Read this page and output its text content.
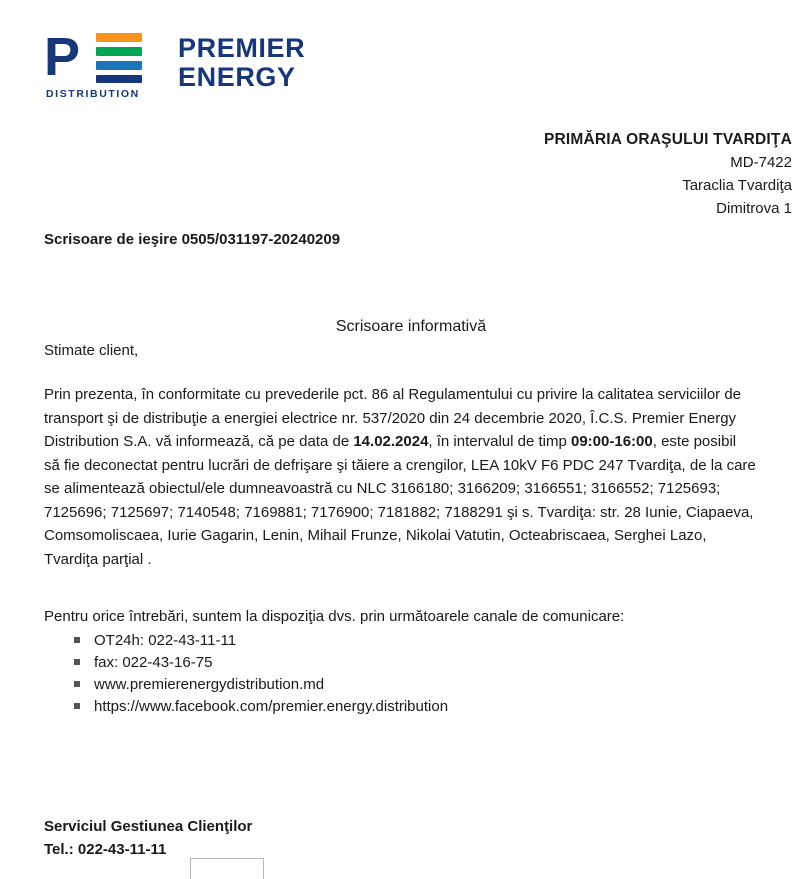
P
DISTRIBUTION
PREMIER
ENERGY
PRIMĂRIA ORAŞULUI TVARDIŢA
MD-7422
Taraclia Tvardiţa
Dimitrova 1
Scrisoare de ieşire 0505/031197-20240209
Scrisoare informativă
Stimate client,
Prin prezenta, în conformitate cu prevederile pct. 86 al Regulamentului cu privire la calitatea serviciilor de transport şi de distribuţie a energiei electrice nr. 537/2020 din 24 decembrie 2020, Î.C.S. Premier Energy Distribution S.A. vă informează, că pe data de 14.02.2024, în intervalul de timp 09:00-16:00, este posibil să fie deconectat pentru lucrări de defrişare şi tăiere a crengilor, LEA 10kV F6 PDC 247 Tvardiţa, de la care se alimentează obiectul/ele dumneavoastră cu NLC 3166180; 3166209; 3166551; 3166552; 7125693; 7125696; 7125697; 7140548; 7169881; 7176900; 7181882; 7188291 şi s. Tvardiţa: str. 28 Iunie, Ciapaeva, Comsomoliscaea, Iurie Gagarin, Lenin, Mihail Frunze, Nikolai Vatutin, Octeabriscaea, Serghei Lazo, Tvardiţa parţial .
Pentru orice întrebări, suntem la dispoziţia dvs. prin următoarele canale de comunicare:
OT24h: 022-43-11-11
fax: 022-43-16-75
www.premierenergydistribution.md
https://www.facebook.com/premier.energy.distribution
Serviciul Gestiunea Clienţilor
Tel.: 022-43-11-11
